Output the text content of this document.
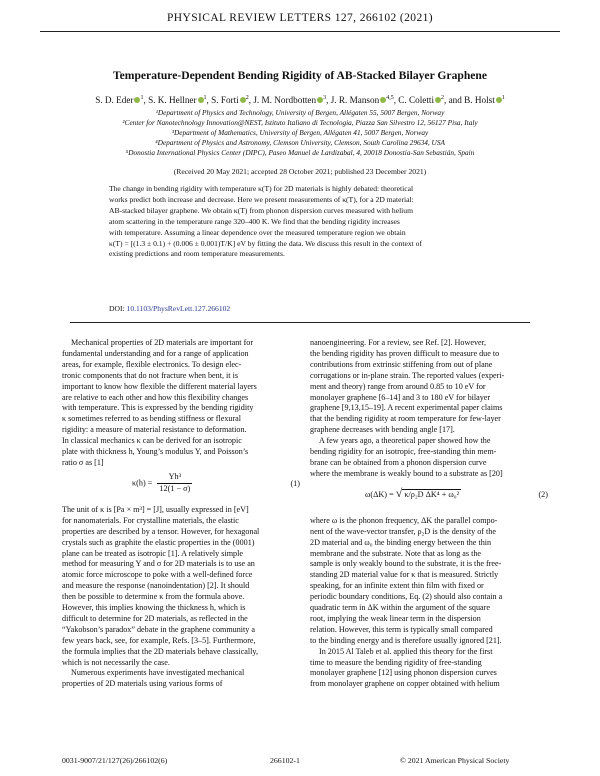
PHYSICAL REVIEW LETTERS 127, 266102 (2021)
Temperature-Dependent Bending Rigidity of AB-Stacked Bilayer Graphene
S. D. Eder $^1$, S. K. Hellner $^1$, S. Forti $^2$, J. M. Nordbotten $^3$, J. R. Manson $^{4,5}$, C. Coletti $^2$, and B. Holst $^1$
¹Department of Physics and Technology, University of Bergen, Allégaten 55, 5007 Bergen, Norway
²Center for Nanotechnology Innovation@NEST, Istituto Italiano di Tecnologia, Piazza San Silvestro 12, 56127 Pisa, Italy
³Department of Mathematics, University of Bergen, Allégaten 41, 5007 Bergen, Norway
⁴Department of Physics and Astronomy, Clemson University, Clemson, South Carolina 29634, USA
⁵Donostia International Physics Center (DIPC), Paseo Manuel de Lardizabal, 4, 20018 Donostia-San Sebastián, Spain
(Received 20 May 2021; accepted 28 October 2021; published 23 December 2021)
The change in bending rigidity with temperature κ(T) for 2D materials is highly debated: theoretical
works predict both increase and decrease. Here we present measurements of κ(T), for a 2D material:
AB-stacked bilayer graphene. We obtain κ(T) from phonon dispersion curves measured with helium
atom scattering in the temperature range 320–400 K. We find that the bending rigidity increases
with temperature. Assuming a linear dependence over the measured temperature region we obtain
κ(T) = [(1.3 ± 0.1) + (0.006 ± 0.001)T/K] eV by fitting the data. We discuss this result in the context of
existing predictions and room temperature measurements.
DOI: 10.1103/PhysRevLett.127.266102
Mechanical properties of 2D materials are important for
fundamental understanding and for a range of application
areas, for example, flexible electronics. To design elec-
tronic components that do not fracture when bent, it is
important to know how flexible the different material layers
are relative to each other and how this flexibility changes
with temperature. This is expressed by the bending rigidity
κ sometimes referred to as bending stiffness or flexural
rigidity: a measure of material resistance to deformation.
In classical mechanics κ can be derived for an isotropic
plate with thickness h, Young’s modulus Y, and Poisson’s
ratio σ as [1]
$\kappa(h) = \frac{\text{Yh³}}{12(1 - \sigma)}$	(1)
The unit of κ is [Pa × m³] = [J], usually expressed in [eV]
for nanomaterials. For crystalline materials, the elastic
properties are described by a tensor. However, for hexagonal
crystals such as graphite the elastic properties in the (0001)
plane can be treated as isotropic [1]. A relatively simple
method for measuring Y and σ for 2D materials is to use an
atomic force microscope to poke with a well-defined force
and measure the response (nanoindentation) [2]. It should
then be possible to determine κ from the formula above.
However, this implies knowing the thickness h, which is
difficult to determine for 2D materials, as reflected in the
“Yakobson’s paradox” debate in the graphene community a
few years back, see, for example, Refs. [3–5]. Furthermore,
the formula implies that the 2D materials behave classically,
which is not necessarily the case.
Numerous experiments have investigated mechanical
properties of 2D materials using various forms of
nanoengineering. For a review, see Ref. [2]. However,
the bending rigidity has proven difficult to measure due to
contributions from extrinsic stiffening from out of plane
corrugations or in-plane strain. The reported values (experi-
ment and theory) range from around 0.85 to 10 eV for
monolayer graphene [6–14] and 3 to 180 eV for bilayer
graphene [9,13,15–19]. A recent experimental paper claims
that the bending rigidity at room temperature for few-layer
graphene decreases with bending angle [17].
A few years ago, a theoretical paper showed how the
bending rigidity for an isotropic, free-standing thin mem-
brane can be obtained from a phonon dispersion curve
where the membrane is weakly bound to a substrate as [20]
ω(ΔK) = √ κ/ρ₂D ΔK⁴ + ω₀²	(2)
where ω is the phonon frequency, ΔK the parallel compo-
nent of the wave-vector transfer, ρ₂D is the density of the
2D material and ω₀ the binding energy between the thin
membrane and the substrate. Note that as long as the
sample is only weakly bound to the substrate, it is the free-
standing 2D material value for κ that is measured. Strictly
speaking, for an infinite extent thin film with fixed or
periodic boundary conditions, Eq. (2) should also contain a
quadratic term in ΔK within the argument of the square
root, implying the weak linear term in the dispersion
relation. However, this term is typically small compared
to the binding energy and is therefore usually ignored [21].
In 2015 Al Taleb et al. applied this theory for the first
time to measure the bending rigidity of free-standing
monolayer graphene [12] using phonon dispersion curves
from monolayer graphene on copper obtained with helium
0031-9007/21/127(26)/266102(6)	266102-1	© 2021 American Physical Society
